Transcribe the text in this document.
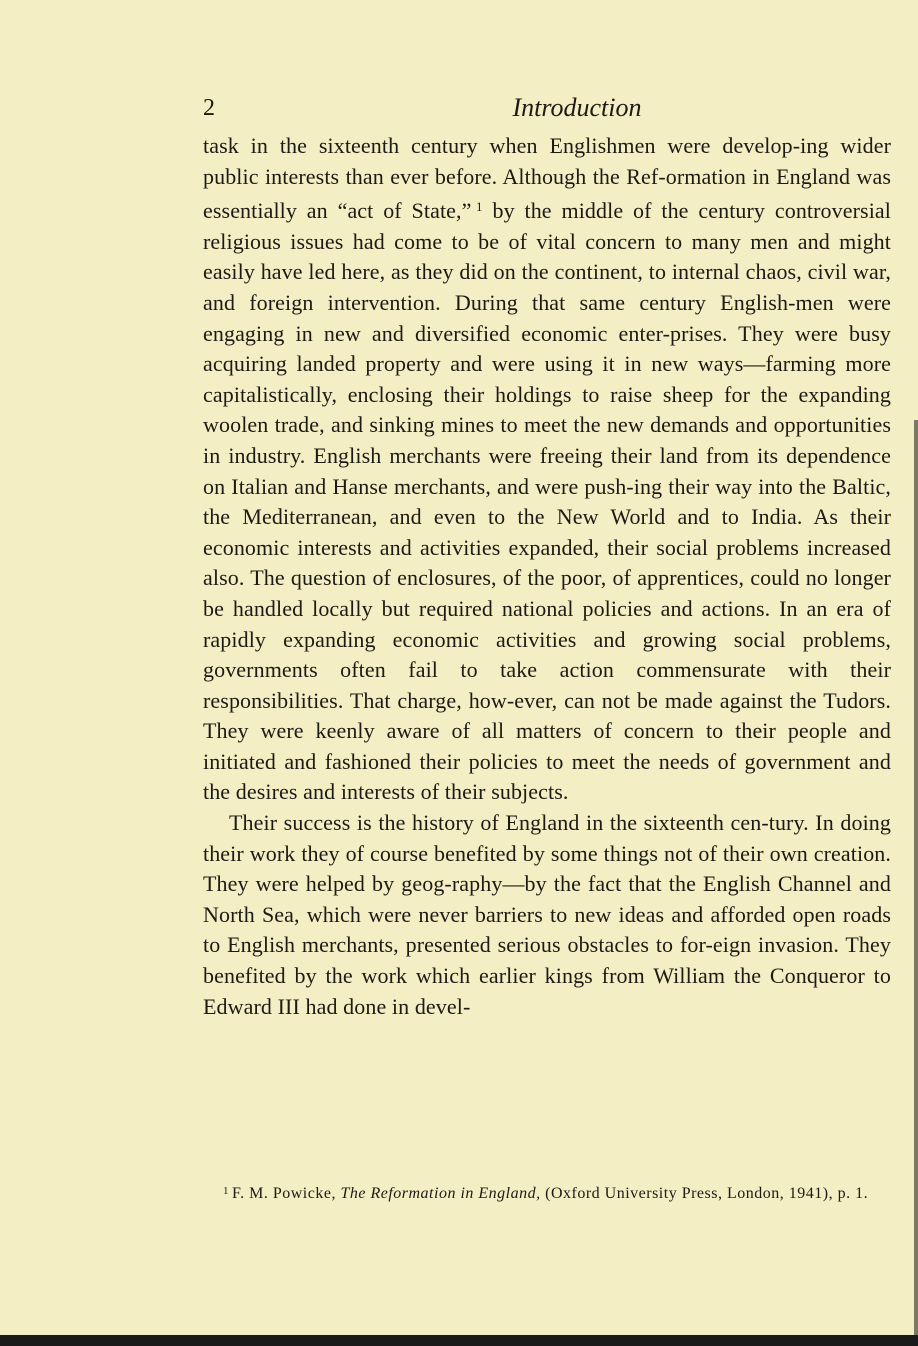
2	Introduction

task in the sixteenth century when Englishmen were develop-ing wider public interests than ever before. Although the Ref-ormation in England was essentially an “act of State,”  $^1$ by the middle of the century controversial religious issues had come to be of vital concern to many men and might easily have led here, as they did on the continent, to internal chaos, civil war, and foreign intervention. During that same century English-men were engaging in new and diversified economic enter-prises. They were busy acquiring landed property and were using it in new ways—farming more capitalistically, enclosing their holdings to raise sheep for the expanding woolen trade, and sinking mines to meet the new demands and opportunities in industry. English merchants were freeing their land from its dependence on Italian and Hanse merchants, and were push-ing their way into the Baltic, the Mediterranean, and even to the New World and to India. As their economic interests and activities expanded, their social problems increased also. The question of enclosures, of the poor, of apprentices, could no longer be handled locally but required national policies and actions. In an era of rapidly expanding economic activities and growing social problems, governments often fail to take action commensurate with their responsibilities. That charge, how-ever, can not be made against the Tudors. They were keenly aware of all matters of concern to their people and initiated and fashioned their policies to meet the needs of government and the desires and interests of their subjects.

Their success is the history of England in the sixteenth cen-tury. In doing their work they of course benefited by some things not of their own creation. They were helped by geog-raphy—by the fact that the English Channel and North Sea, which were never barriers to new ideas and afforded open roads to English merchants, presented serious obstacles to for-eign invasion. They benefited by the work which earlier kings from William the Conqueror to Edward III had done in devel-

$^1$ F. M. Powicke, The Reformation in England, (Oxford University Press, London, 1941), p. 1.
